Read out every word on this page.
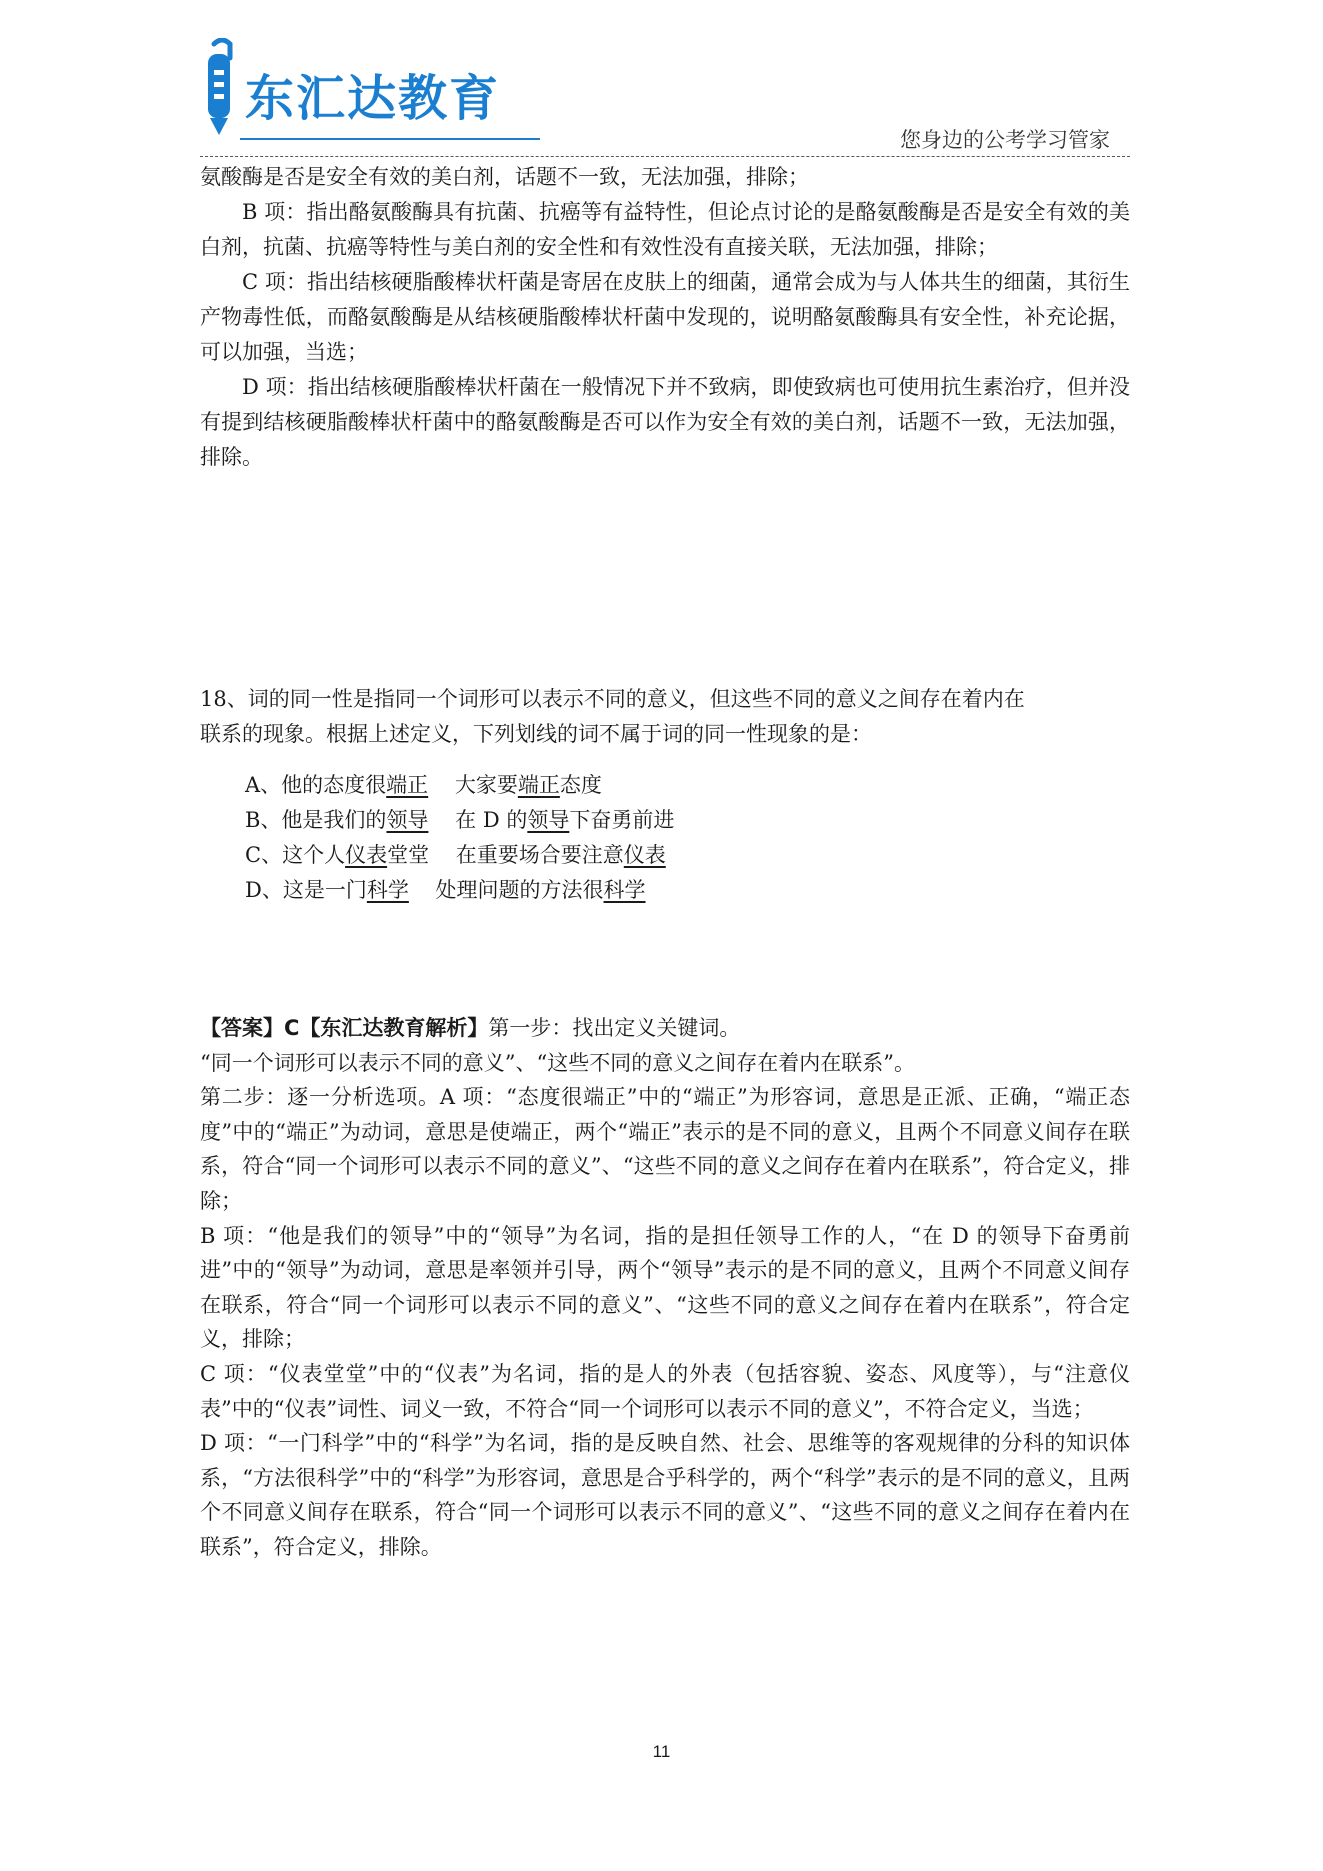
东汇达教育
您身边的公考学习管家

氨酸酶是否是安全有效的美白剂，话题不一致，无法加强，排除；

B 项：指出酪氨酸酶具有抗菌、抗癌等有益特性，但论点讨论的是酪氨酸酶是否是安全有效的美白剂，抗菌、抗癌等特性与美白剂的安全性和有效性没有直接关联，无法加强，排除；

C 项：指出结核硬脂酸棒状杆菌是寄居在皮肤上的细菌，通常会成为与人体共生的细菌，其衍生产物毒性低，而酪氨酸酶是从结核硬脂酸棒状杆菌中发现的，说明酪氨酸酶具有安全性，补充论据，可以加强，当选；

D 项：指出结核硬脂酸棒状杆菌在一般情况下并不致病，即使致病也可使用抗生素治疗，但并没有提到结核硬脂酸棒状杆菌中的酪氨酸酶是否可以作为安全有效的美白剂，话题不一致，无法加强，排除。

18、词的同一性是指同一个词形可以表示不同的意义，但这些不同的意义之间存在着内在

联系的现象。根据上述定义，下列划线的词不属于词的同一性现象的是：

A、他的态度很端正    大家要端正态度
B、他是我们的领导    在 D 的领导下奋勇前进
C、这个人仪表堂堂    在重要场合要注意仪表
D、这是一门科学    处理问题的方法很科学

【答案】C【东汇达教育解析】第一步：找出定义关键词。

“同一个词形可以表示不同的意义”、“这些不同的意义之间存在着内在联系”。

第二步：逐一分析选项。A 项：“态度很端正”中的“端正”为形容词，意思是正派、正确，“端正态度”中的“端正”为动词，意思是使端正，两个“端正”表示的是不同的意义，且两个不同意义间存在联系，符合“同一个词形可以表示不同的意义”、“这些不同的意义之间存在着内在联系”，符合定义，排除；

B 项：“他是我们的领导”中的“领导”为名词，指的是担任领导工作的人，“在 D 的领导下奋勇前进”中的“领导”为动词，意思是率领并引导，两个“领导”表示的是不同的意义，且两个不同意义间存在联系，符合“同一个词形可以表示不同的意义”、“这些不同的意义之间存在着内在联系”，符合定义，排除；

C 项：“仪表堂堂”中的“仪表”为名词，指的是人的外表（包括容貌、姿态、风度等），与“注意仪表”中的“仪表”词性、词义一致，不符合“同一个词形可以表示不同的意义”，不符合定义，当选；

D 项：“一门科学”中的“科学”为名词，指的是反映自然、社会、思维等的客观规律的分科的知识体系，“方法很科学”中的“科学”为形容词，意思是合乎科学的，两个“科学”表示的是不同的意义，且两个不同意义间存在联系，符合“同一个词形可以表示不同的意义”、“这些不同的意义之间存在着内在联系”，符合定义，排除。

11
